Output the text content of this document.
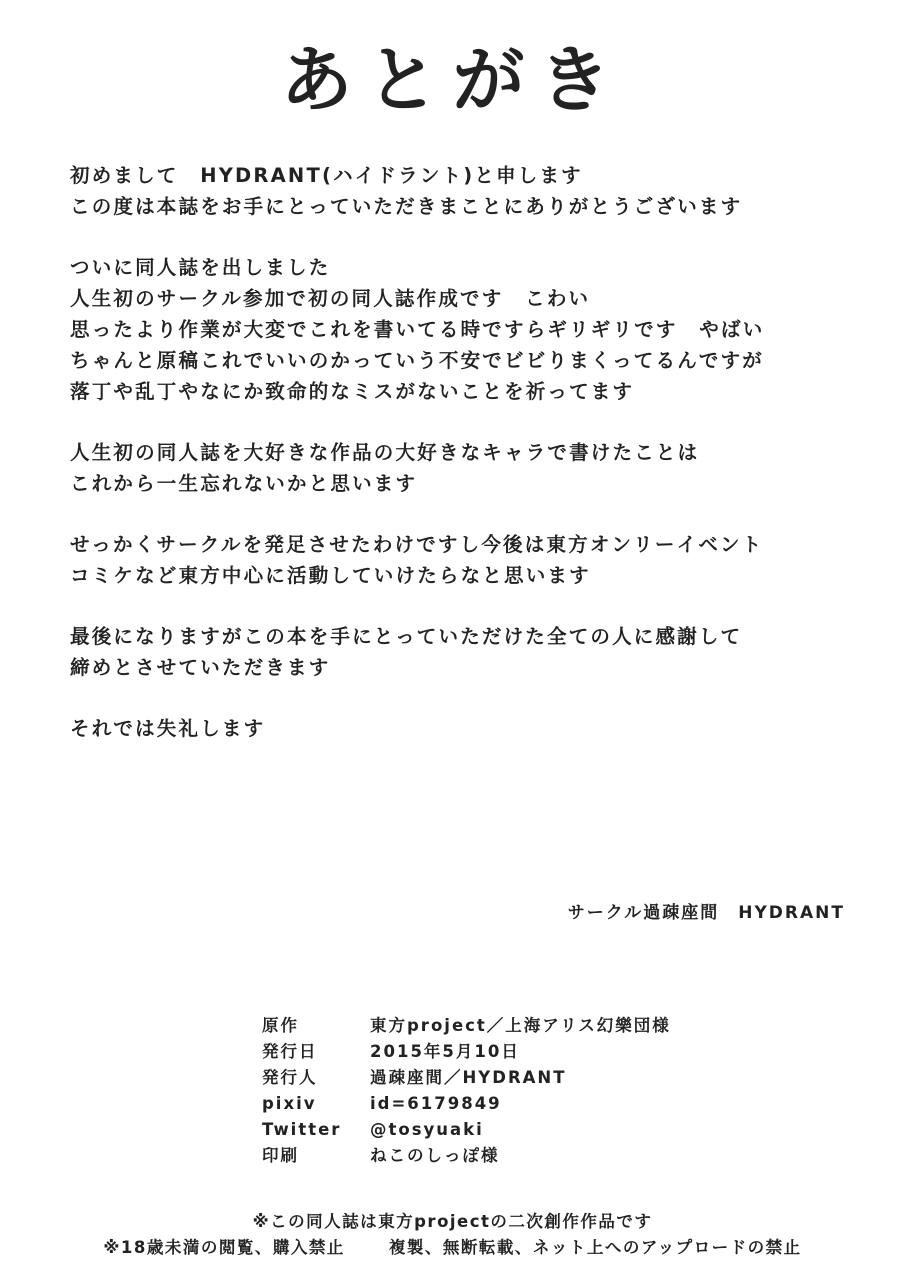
あとがき
初めまして　HYDRANT(ハイドラント)と申します
この度は本誌をお手にとっていただきまことにありがとうございます
ついに同人誌を出しました
人生初のサークル参加で初の同人誌作成です　こわい
思ったより作業が大変でこれを書いてる時ですらギリギリです　やばい
ちゃんと原稿これでいいのかっていう不安でビビりまくってるんですが
落丁や乱丁やなにか致命的なミスがないことを祈ってます
人生初の同人誌を大好きな作品の大好きなキャラで書けたことは
これから一生忘れないかと思います
せっかくサークルを発足させたわけですし今後は東方オンリーイベント
コミケなど東方中心に活動していけたらなと思います
最後になりますがこの本を手にとっていただけた全ての人に感謝して
締めとさせていただきます
それでは失礼します
サークル過疎座間　HYDRANT
原作	東方project／上海アリス幻樂団様
発行日	2015年5月10日
発行人	過疎座間／HYDRANT
pixiv	id=6179849
Twitter	@tosyuaki
印刷	ねこのしっぽ様
※この同人誌は東方projectの二次創作作品です
※18歳未満の閲覧、購入禁止	複製、無断転載、ネット上へのアップロードの禁止
